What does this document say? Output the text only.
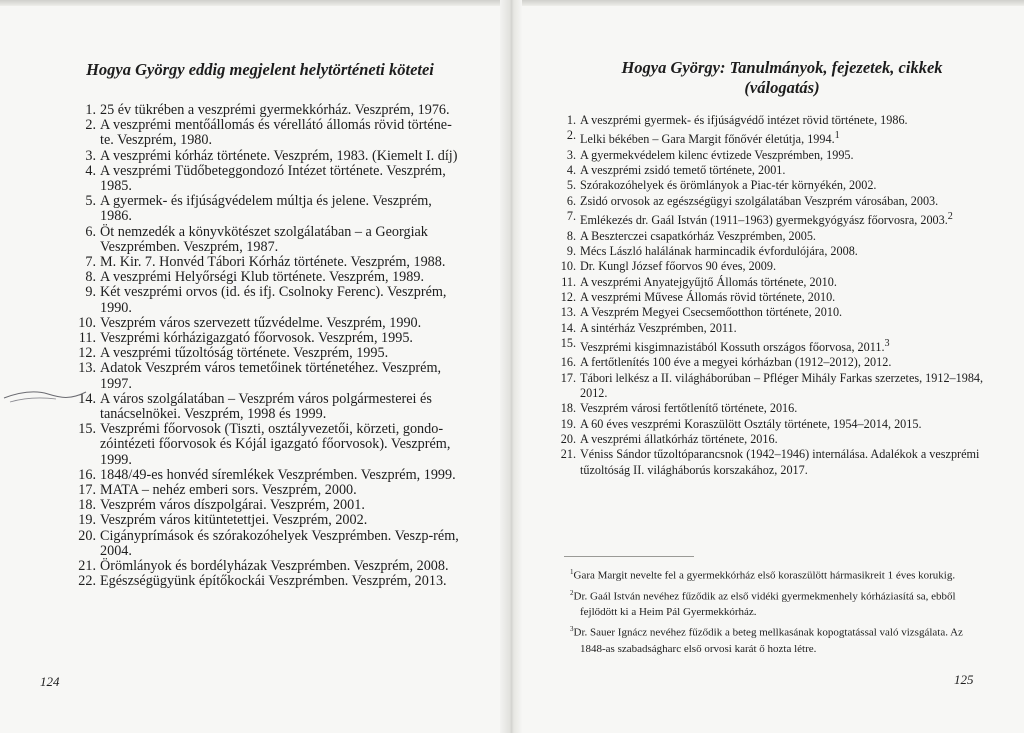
Hogya György eddig megjelent helytörténeti kötetei
1. 25 év tükrében a veszprémi gyermekkórház. Veszprém, 1976.
2. A veszprémi mentőállomás és vérellátó állomás rövid történe-te. Veszprém, 1980.
3. A veszprémi kórház története. Veszprém, 1983. (Kiemelt I. díj)
4. A veszprémi Tüdőbeteggondozó Intézet története. Veszprém, 1985.
5. A gyermek- és ifjúságvédelem múltja és jelene. Veszprém, 1986.
6. Öt nemzedék a könyvkötészet szolgálatában – a Georgiak Veszprémben. Veszprém, 1987.
7. M. Kir. 7. Honvéd Tábori Kórház története. Veszprém, 1988.
8. A veszprémi Helyőrségi Klub története. Veszprém, 1989.
9. Két veszprémi orvos (id. és ifj. Csolnoky Ferenc). Veszprém, 1990.
10. Veszprém város szervezett tűzvédelme. Veszprém, 1990.
11. Veszprémi kórházigazgató főorvosok. Veszprém, 1995.
12. A veszprémi tűzoltóság története. Veszprém, 1995.
13. Adatok Veszprém város temetőinek történetéhez. Veszprém, 1997.
14. A város szolgálatában – Veszprém város polgármesterei és tanácselnökei. Veszprém, 1998 és 1999.
15. Veszprémi főorvosok (Tiszti, osztályvezetői, körzeti, gondo-zóintézeti főorvosok és Kójál igazgató főorvosok). Veszprém, 1999.
16. 1848/49-es honvéd síremlékek Veszprémben. Veszprém, 1999.
17. MATA – nehéz emberi sors. Veszprém, 2000.
18. Veszprém város díszpolgárai. Veszprém, 2001.
19. Veszprém város kitüntetettjei. Veszprém, 2002.
20. Cigányprímások és szórakozóhelyek Veszprémben. Veszp-rém, 2004.
21. Örömlányok és bordélyházak Veszprémben. Veszprém, 2008.
22. Egészségügyünk építőkockái Veszprémben. Veszprém, 2013.
124
Hogya György: Tanulmányok, fejezetek, cikkek
(válogatás)
1. A veszprémi gyermek- és ifjúságvédő intézet rövid története, 1986.
2. Lelki békében – Gara Margit főnővér életútja, 1994.$^1$
3. A gyermekvédelem kilenc évtizede Veszprémben, 1995.
4. A veszprémi zsidó temető története, 2001.
5. Szórakozóhelyek és örömlányok a Piac-tér környékén, 2002.
6. Zsidó orvosok az egészségügyi szolgálatában Veszprém városában, 2003.
7. Emlékezés dr. Gaál István (1911–1963) gyermekgyógyász főorvosra, 2003.$^2$
8. A Beszterczei csapatkórház Veszprémben, 2005.
9. Mécs László halálának harmincadik évfordulójára, 2008.
10. Dr. Kungl József főorvos 90 éves, 2009.
11. A veszprémi Anyatejgyűjtő Állomás története, 2010.
12. A veszprémi Művese Állomás rövid története, 2010.
13. A Veszprém Megyei Csecsemőotthon története, 2010.
14. A sintérház Veszprémben, 2011.
15. Veszprémi kisgimnazistából Kossuth országos főorvosa, 2011.$^3$
16. A fertőtlenítés 100 éve a megyei kórházban (1912–2012), 2012.
17. Tábori lelkész a II. világháborúban – Pfléger Mihály Farkas szerzetes, 1912–1984, 2012.
18. Veszprém városi fertőtlenítő története, 2016.
19. A 60 éves veszprémi Koraszülött Osztály története, 1954–2014, 2015.
20. A veszprémi állatkórház története, 2016.
21. Véniss Sándor tűzoltóparancsnok (1942–1946) internálása. Adalékok a veszprémi tűzoltóság II. világháborús korszakához, 2017.

$^1$Gara Margit nevelte fel a gyermekkórház első koraszülött hármasikreit 1 éves korukig.

$^2$Dr. Gaál István nevéhez fűződik az első vidéki gyermekmenhely kórháziasítá sa, ebből fejlődött ki a Heim Pál Gyermekkórház.

$^3$Dr. Sauer Ignácz nevéhez fűződik a beteg mellkasának kopogtatással való vizsgálata. Az 1848-as szabadságharc első orvosi karát ő hozta létre.

125
